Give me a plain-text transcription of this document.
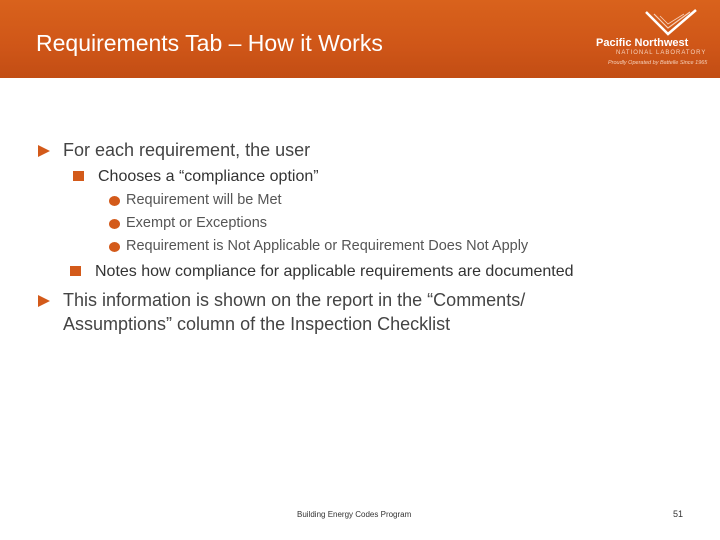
Requirements Tab – How it Works	Pacific Northwest
NATIONAL LABORATORY
Proudly Operated by Battelle Since 1965
For each requirement, the user
Chooses a “compliance option”
Requirement will be Met
Exempt or Exceptions
Requirement is Not Applicable or Requirement Does Not Apply
Notes how compliance for applicable requirements are documented
This information is shown on the report in the “Comments/
Assumptions” column of the Inspection Checklist
Building Energy Codes Program	51
